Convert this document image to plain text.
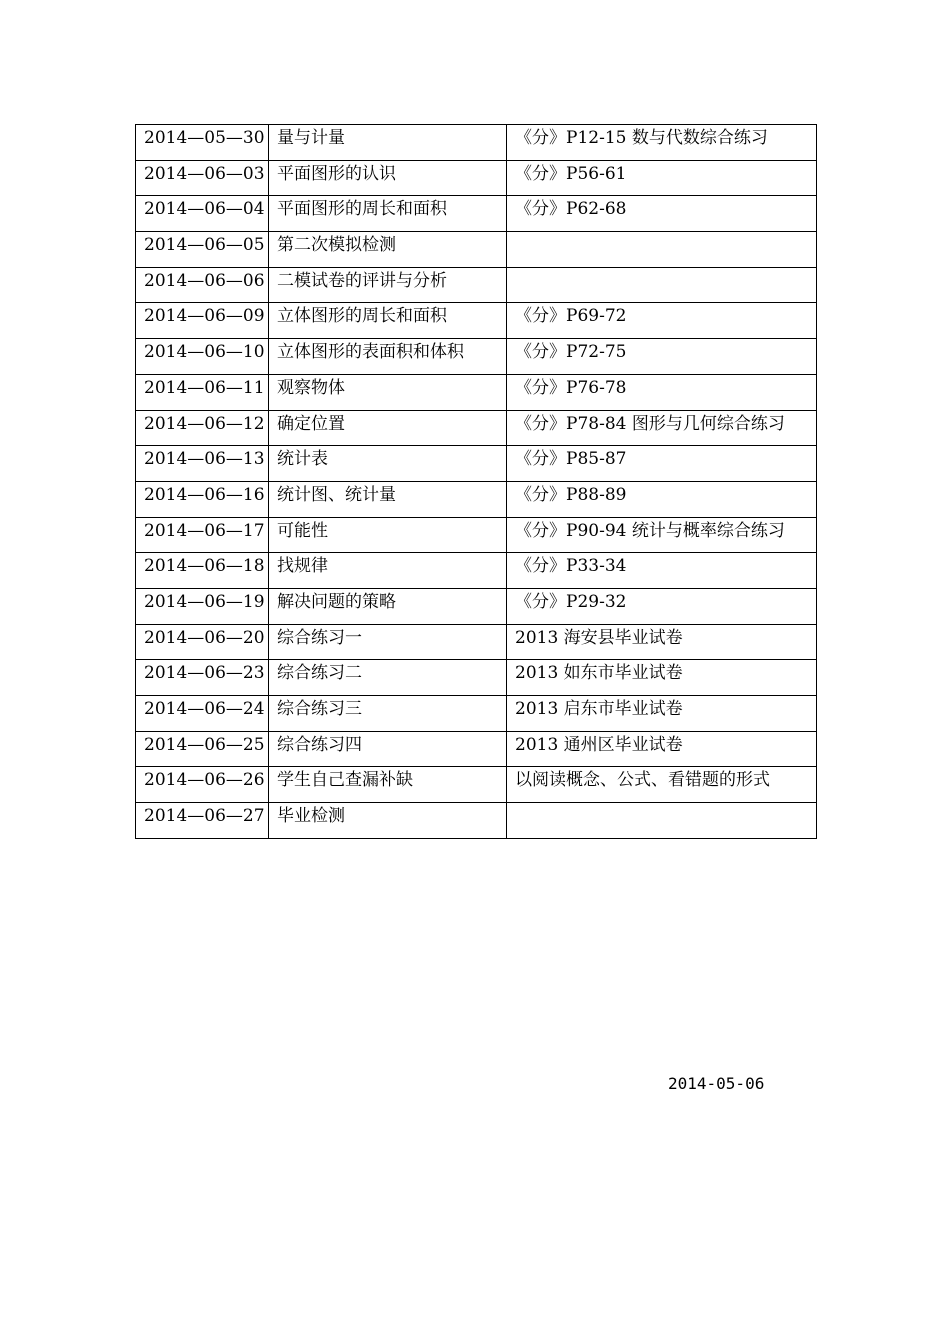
2014—05—30	量与计量	《分》P12-15 数与代数综合练习
2014—06—03	平面图形的认识	《分》P56-61
2014—06—04	平面图形的周长和面积	《分》P62-68
2014—06—05	第二次模拟检测	
2014—06—06	二模试卷的评讲与分析	
2014—06—09	立体图形的周长和面积	《分》P69-72
2014—06—10	立体图形的表面积和体积	《分》P72-75
2014—06—11	观察物体	《分》P76-78
2014—06—12	确定位置	《分》P78-84 图形与几何综合练习
2014—06—13	统计表	《分》P85-87
2014—06—16	统计图、统计量	《分》P88-89
2014—06—17	可能性	《分》P90-94 统计与概率综合练习
2014—06—18	找规律	《分》P33-34
2014—06—19	解决问题的策略	《分》P29-32
2014—06—20	综合练习一	2013 海安县毕业试卷
2014—06—23	综合练习二	2013 如东市毕业试卷
2014—06—24	综合练习三	2013 启东市毕业试卷
2014—06—25	综合练习四	2013 通州区毕业试卷
2014—06—26	学生自己查漏补缺	以阅读概念、公式、看错题的形式
2014—06—27	毕业检测	
2014-05-06
